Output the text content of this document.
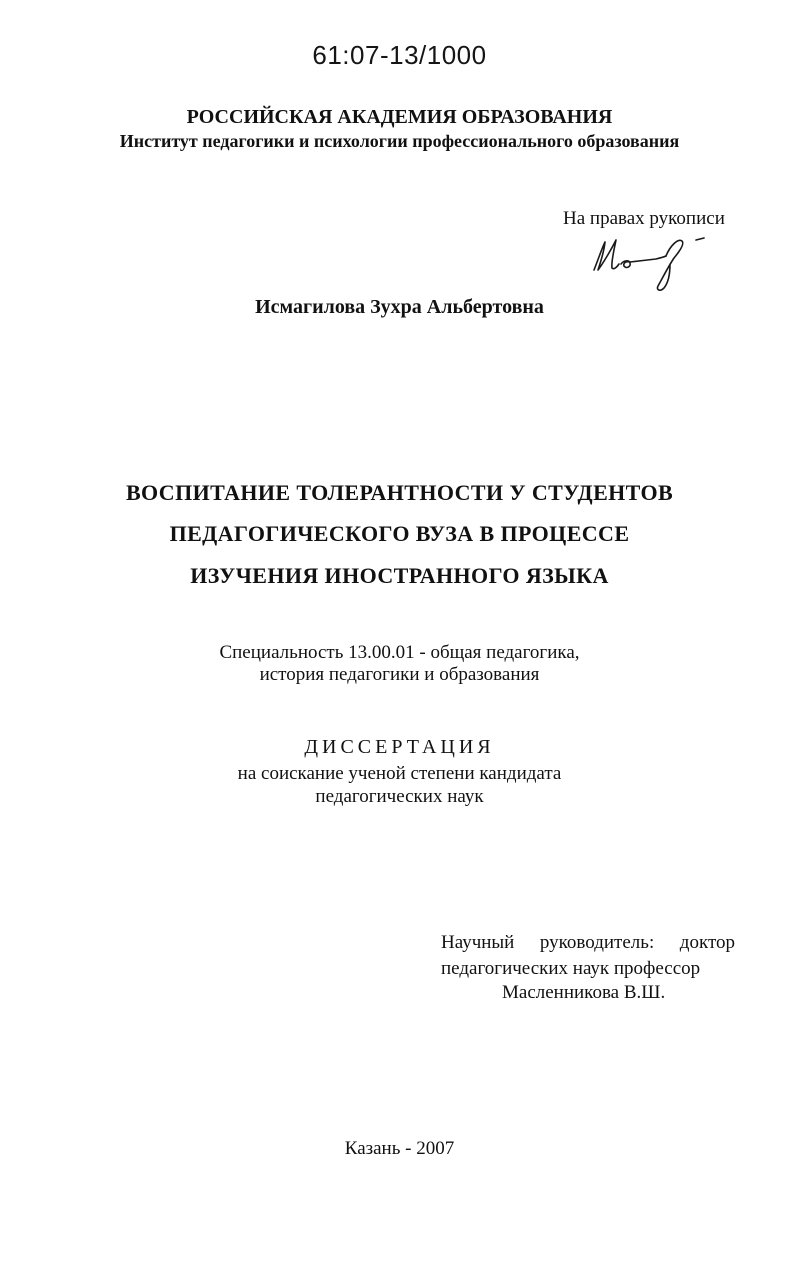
61:07-13/1000
РОССИЙСКАЯ АКАДЕМИЯ ОБРАЗОВАНИЯ
Институт педагогики и психологии профессионального образования
На правах рукописи
Исмагилова Зухра Альбертовна
ВОСПИТАНИЕ ТОЛЕРАНТНОСТИ У СТУДЕНТОВ
ПЕДАГОГИЧЕСКОГО ВУЗА В ПРОЦЕССЕ
ИЗУЧЕНИЯ ИНОСТРАННОГО ЯЗЫКА
Специальность 13.00.01 - общая педагогика,
история педагогики и образования
ДИССЕРТАЦИЯ
на соискание ученой степени кандидата
педагогических наук
Научный руководитель: доктор
педагогических наук профессор
Масленникова В.Ш.
Казань - 2007
